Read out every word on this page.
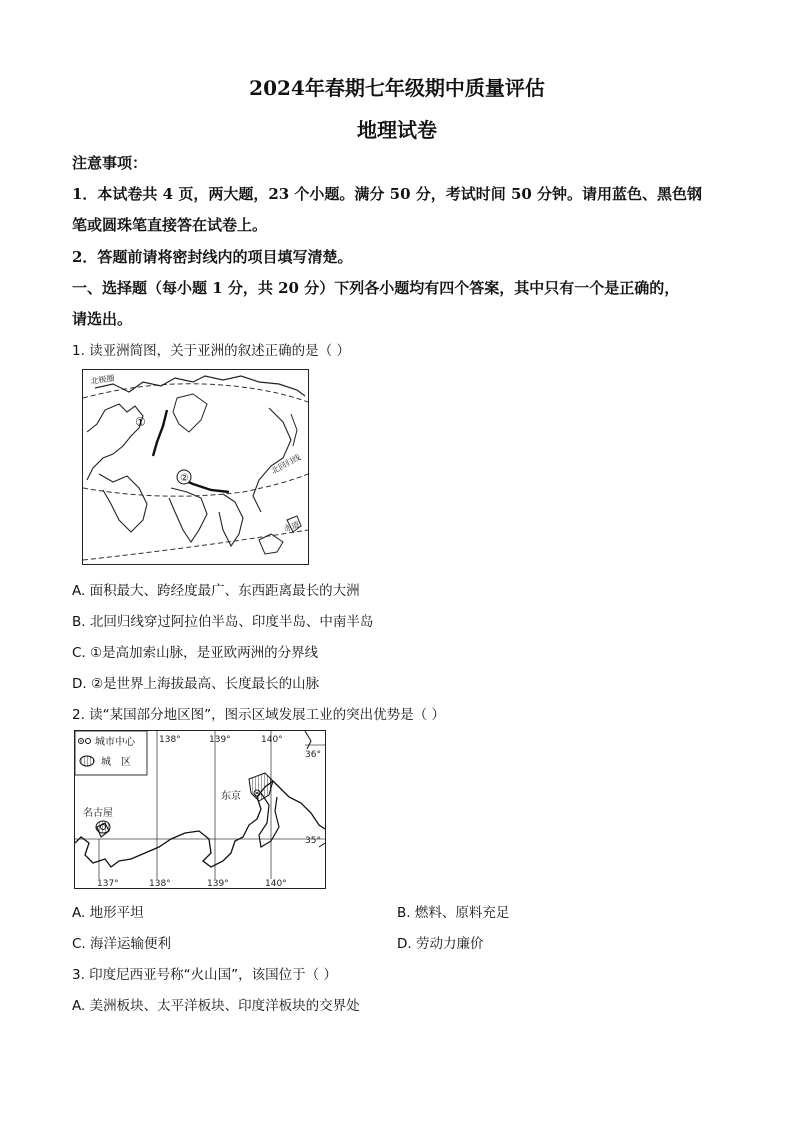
2024年春期七年级期中质量评估
地理试卷
注意事项：
1．本试卷共 4 页，两大题，23 个小题。满分 50 分，考试时间 50 分钟。请用蓝色、黑色钢
笔或圆珠笔直接答在试卷上。
2．答题前请将密封线内的项目填写清楚。
一、选择题（每小题 1 分，共 20 分）下列各小题均有四个答案，其中只有一个是正确的，
请选出。
1. 读亚洲简图，关于亚洲的叙述正确的是（ ）
①
②
北极圈
北回归线
赤道
A. 面积最大、跨经度最广、东西距离最长的大洲
B. 北回归线穿过阿拉伯半岛、印度半岛、中南半岛
C. ①是高加索山脉，是亚欧两洲的分界线
D. ②是世界上海拔最高、长度最长的山脉
2. 读“某国部分地区图”，图示区域发展工业的突出优势是（ ）
城市中心
城　区
东京
名古屋
138°	139°	140°
36°
35°
137°	138°	139°	140°
A. 地形平坦	B. 燃料、原料充足
C. 海洋运输便利	D. 劳动力廉价
3. 印度尼西亚号称“火山国”，该国位于（ ）
A. 美洲板块、太平洋板块、印度洋板块的交界处
